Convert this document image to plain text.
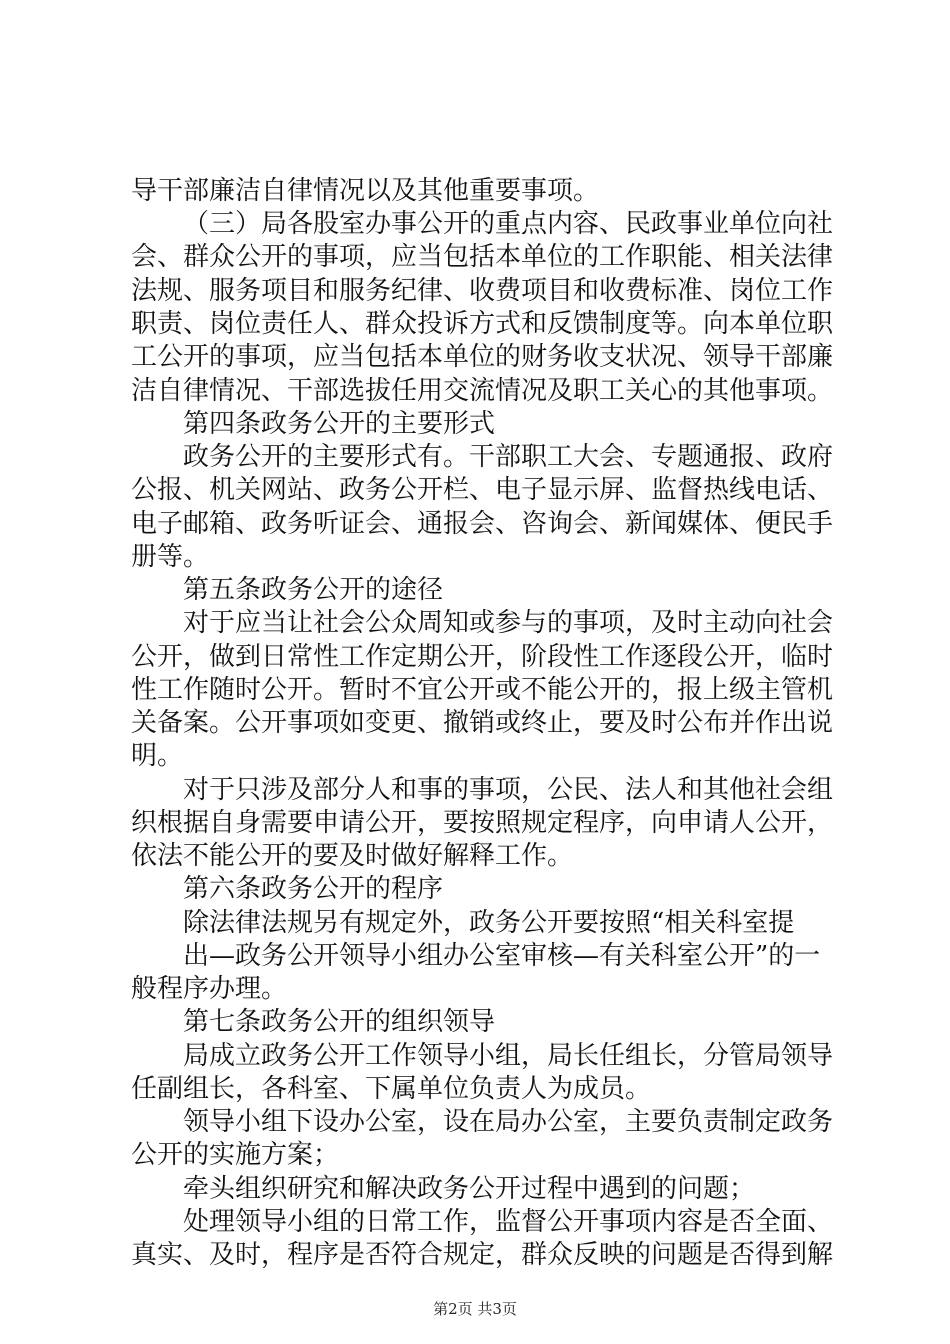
导干部廉洁自律情况以及其他重要事项。
（三）局各股室办事公开的重点内容、民政事业单位向社
会、群众公开的事项，应当包括本单位的工作职能、相关法律
法规、服务项目和服务纪律、收费项目和收费标准、岗位工作
职责、岗位责任人、群众投诉方式和反馈制度等。向本单位职
工公开的事项，应当包括本单位的财务收支状况、领导干部廉
洁自律情况、干部选拔任用交流情况及职工关心的其他事项。
第四条政务公开的主要形式
政务公开的主要形式有。干部职工大会、专题通报、政府
公报、机关网站、政务公开栏、电子显示屏、监督热线电话、
电子邮箱、政务听证会、通报会、咨询会、新闻媒体、便民手
册等。
第五条政务公开的途径
对于应当让社会公众周知或参与的事项，及时主动向社会
公开，做到日常性工作定期公开，阶段性工作逐段公开，临时
性工作随时公开。暂时不宜公开或不能公开的，报上级主管机
关备案。公开事项如变更、撤销或终止，要及时公布并作出说
明。
对于只涉及部分人和事的事项，公民、法人和其他社会组
织根据自身需要申请公开，要按照规定程序，向申请人公开，
依法不能公开的要及时做好解释工作。
第六条政务公开的程序
除法律法规另有规定外，政务公开要按照“相关科室提
出—政务公开领导小组办公室审核—有关科室公开”的一
般程序办理。
第七条政务公开的组织领导
局成立政务公开工作领导小组，局长任组长，分管局领导
任副组长，各科室、下属单位负责人为成员。
领导小组下设办公室，设在局办公室，主要负责制定政务
公开的实施方案；
牵头组织研究和解决政务公开过程中遇到的问题；
处理领导小组的日常工作，监督公开事项内容是否全面、
真实、及时，程序是否符合规定，群众反映的问题是否得到解
第2页 共3页
